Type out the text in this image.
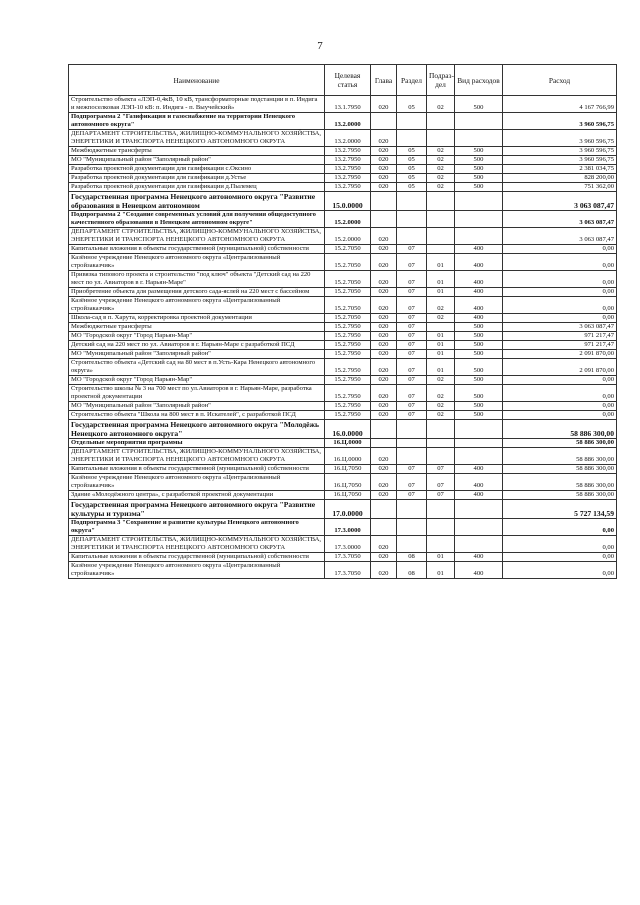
7
Наименование	Целевая статья	Глава	Раздел	Подраз-дел	Вид расходов	Расход
Строительство объекта «ЛЭП-0,4кВ, 10 кВ, трансформаторные подстанции в п. Индига и межпоселковая ЛЭП-10 кВ: п. Индига - п. Выучейский»	13.1.7950	020	05	02	500	4 167 766,99
Подпрограмма 2 "Газификация и газоснабжение на территории Ненецкого автономного округа"	13.2.0000					3 960 596,75
ДЕПАРТАМЕНТ СТРОИТЕЛЬСТВА, ЖИЛИЩНО-КОММУНАЛЬНОГО ХОЗЯЙСТВА, ЭНЕРГЕТИКИ И ТРАНСПОРТА НЕНЕЦКОГО АВТОНОМНОГО ОКРУГА	13.2.0000	020				3 960 596,75
Межбюджетные трансферты	13.2.7950	020	05	02	500	3 960 596,75
МО "Муниципальный район "Заполярный район"	13.2.7950	020	05	02	500	3 960 596,75
Разработка проектной документации для газификации с.Оксино	13.2.7950	020	05	02	500	2 381 034,75
Разработка проектной документации для газификации д.Устье	13.2.7950	020	05	02	500	828 200,00
Разработка проектной документации для газификации д.Пылемец	13.2.7950	020	05	02	500	751 362,00
Государственная программа Ненецкого автономного округа "Развитие образования в Ненецком автономном	15.0.0000					3 063 087,47
Подпрограмма 2 "Создание современных условий для получения общедоступного качественного образования в Ненецком автономном округе"	15.2.0000					3 063 087,47
ДЕПАРТАМЕНТ СТРОИТЕЛЬСТВА, ЖИЛИЩНО-КОММУНАЛЬНОГО ХОЗЯЙСТВА, ЭНЕРГЕТИКИ И ТРАНСПОРТА НЕНЕЦКОГО АВТОНОМНОГО ОКРУГА	15.2.0000	020				3 063 087,47
Капитальные вложения в объекты государственной (муниципальной) собственности	15.2.7050	020	07		400	0,00
Казённое учреждение Ненецкого автономного округа «Централизованный стройзаказчик»	15.2.7050	020	07	01	400	0,00
Привязка типового проекта и строительство "под ключ" объекта "Детский сад на 220 мест по ул. Авиаторов в г. Нарьян-Маре"	15.2.7050	020	07	01	400	0,00
Приобретение объекта для размещения детского сада-яслей на 220 мест с бассейном	15.2.7050	020	07	01	400	0,00
Казённое учреждение Ненецкого автономного округа «Централизованный стройзаказчик»	15.2.7050	020	07	02	400	0,00
Школа-сад в п. Харута, корректировка проектной документации	15.2.7050	020	07	02	400	0,00
Межбюджетные трансферты	15.2.7950	020	07		500	3 063 087,47
МО "Городской округ "Город Нарьян-Мар"	15.2.7950	020	07	01	500	971 217,47
Детский сад на 220 мест по ул. Авиаторов в г. Нарьян-Маре с разработкой ПСД	15.2.7950	020	07	01	500	971 217,47
МО "Муниципальный район "Заполярный район"	15.2.7950	020	07	01	500	2 091 870,00
Строительство объекта «Детский сад на 80 мест в п.Усть-Кара Ненецкого автономного округа»	15.2.7950	020	07	01	500	2 091 870,00
МО "Городской округ "Город Нарьян-Мар"	15.2.7950	020	07	02	500	0,00
Строительство школы № 3 на 700 мест по ул.Авиаторов в г. Нарьян-Маре, разработка проектной документации	15.2.7950	020	07	02	500	0,00
МО "Муниципальный район "Заполярный район"	15.2.7950	020	07	02	500	0,00
Строительство объекта "Школа на 800 мест в п. Искателей", с разработкой ПСД	15.2.7950	020	07	02	500	0,00
Государственная программа Ненецкого автономного округа "Молодёжь Ненецкого автономного округа"	16.0.0000					58 886 300,00
Отдельные мероприятия программы	16.Ц.0000					58 886 300,00
ДЕПАРТАМЕНТ СТРОИТЕЛЬСТВА, ЖИЛИЩНО-КОММУНАЛЬНОГО ХОЗЯЙСТВА, ЭНЕРГЕТИКИ И ТРАНСПОРТА НЕНЕЦКОГО АВТОНОМНОГО ОКРУГА	16.Ц.0000	020				58 886 300,00
Капитальные вложения в объекты государственной (муниципальной) собственности	16.Ц.7050	020	07	07	400	58 886 300,00
Казённое учреждение Ненецкого автономного округа «Централизованный стройзаказчик»	16.Ц.7050	020	07	07	400	58 886 300,00
Здание «Молодёжного центра», с разработкой проектной документации	16.Ц.7050	020	07	07	400	58 886 300,00
Государственная программа Ненецкого автономного округа "Развитие культуры и туризма"	17.0.0000					5 727 134,59
Подпрограмма 3 "Сохранение и развитие культуры Ненецкого автономного округа"	17.3.0000					0,00
ДЕПАРТАМЕНТ СТРОИТЕЛЬСТВА, ЖИЛИЩНО-КОММУНАЛЬНОГО ХОЗЯЙСТВА, ЭНЕРГЕТИКИ И ТРАНСПОРТА НЕНЕЦКОГО АВТОНОМНОГО ОКРУГА	17.3.0000	020				0,00
Капитальные вложения в объекты государственной (муниципальной) собственности	17.3.7050	020	08	01	400	0,00
Казённое учреждение Ненецкого автономного округа «Централизованный стройзаказчик»	17.3.7050	020	08	01	400	0,00
